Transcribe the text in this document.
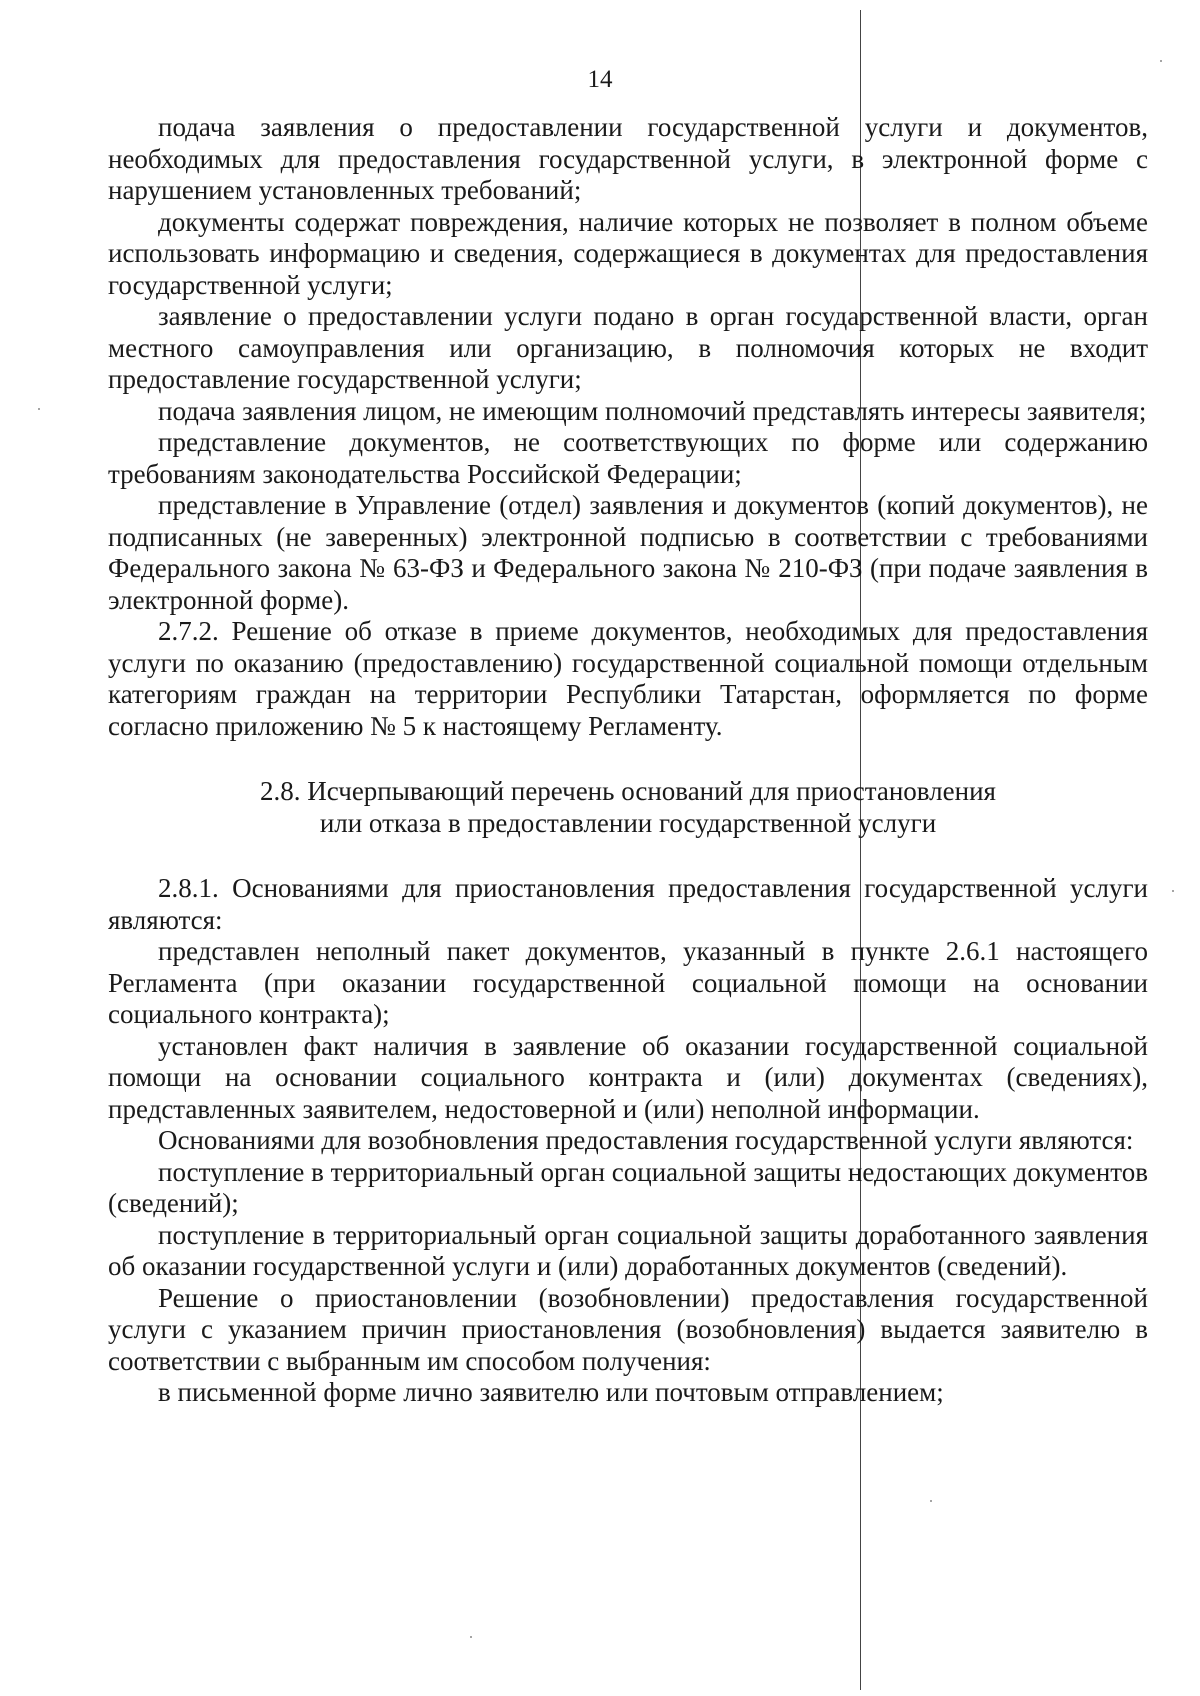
14

подача заявления о предоставлении государственной услуги и документов, необходимых для предоставления государственной услуги, в электронной форме с нарушением установленных требований;

документы содержат повреждения, наличие которых не позволяет в полном объеме использовать информацию и сведения, содержащиеся в документах для предоставления государственной услуги;

заявление о предоставлении услуги подано в орган государственной власти, орган местного самоуправления или организацию, в полномочия которых не входит предоставление государственной услуги;

подача заявления лицом, не имеющим полномочий представлять интересы заявителя;

представление документов, не соответствующих по форме или содержанию требованиям законодательства Российской Федерации;

представление в Управление (отдел) заявления и документов (копий документов), не подписанных (не заверенных) электронной подписью в соответствии с требованиями Федерального закона № 63-ФЗ и Федерального закона № 210-ФЗ (при подаче заявления в электронной форме).

2.7.2. Решение об отказе в приеме документов, необходимых для предоставления услуги по оказанию (предоставлению) государственной социальной помощи отдельным категориям граждан на территории Республики Татарстан, оформляется по форме согласно приложению № 5 к настоящему Регламенту.

2.8. Исчерпывающий перечень оснований для приостановления
или отказа в предоставлении государственной услуги

2.8.1. Основаниями для приостановления предоставления государственной услуги являются:

представлен неполный пакет документов, указанный в пункте 2.6.1 настоящего Регламента (при оказании государственной социальной помощи на основании социального контракта);

установлен факт наличия в заявление об оказании государственной социальной помощи на основании социального контракта и (или) документах (сведениях), представленных заявителем, недостоверной и (или) неполной информации.

Основаниями для возобновления предоставления государственной услуги являются:

поступление в территориальный орган социальной защиты недостающих документов (сведений);

поступление в территориальный орган социальной защиты доработанного заявления об оказании государственной услуги и (или) доработанных документов (сведений).

Решение о приостановлении (возобновлении) предоставления государственной услуги с указанием причин приостановления (возобновления) выдается заявителю в соответствии с выбранным им способом получения:

в письменной форме лично заявителю или почтовым отправлением;
